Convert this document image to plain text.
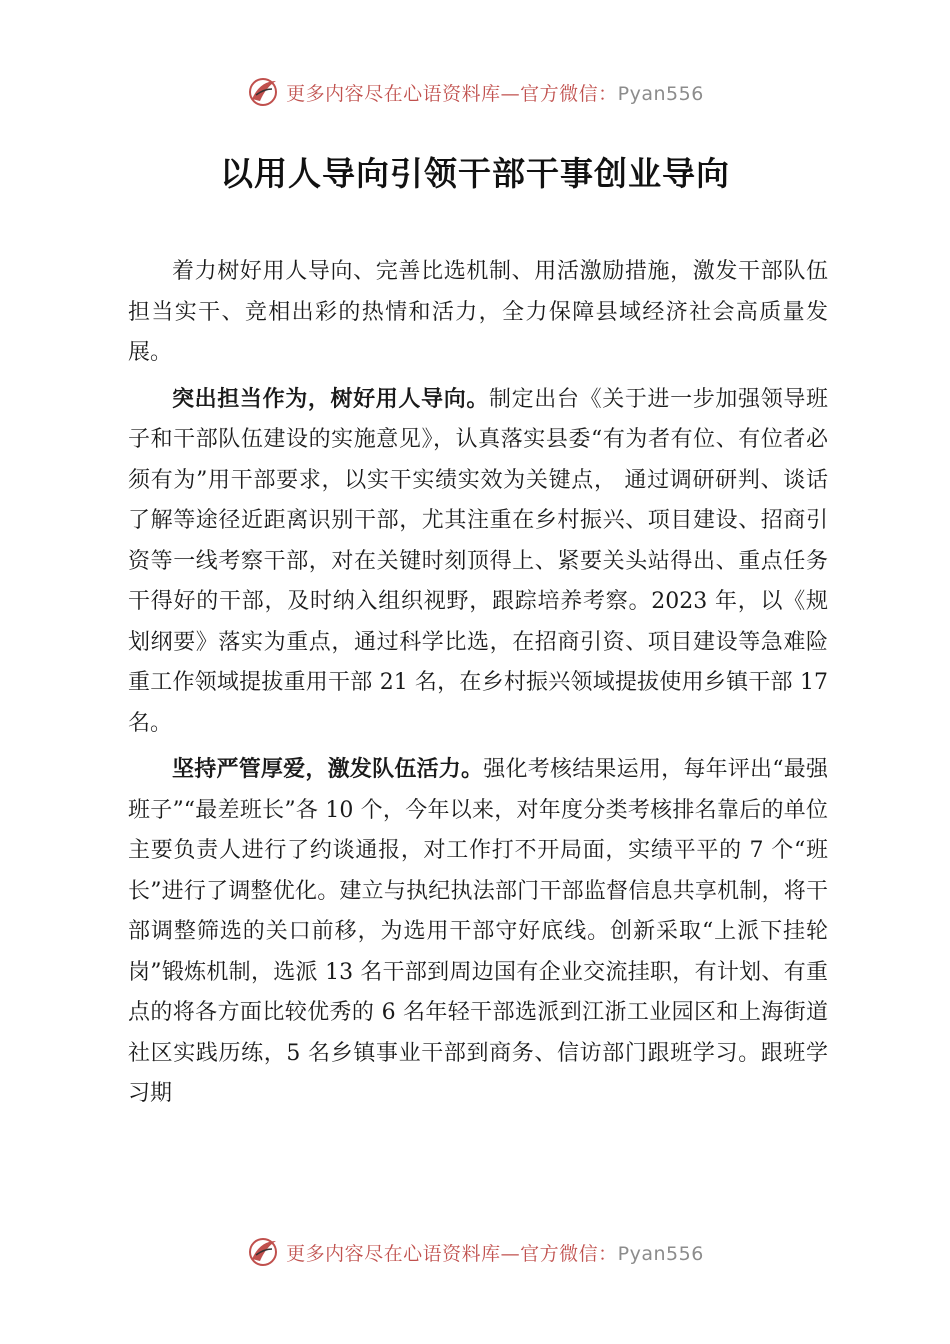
更多内容尽在心语资料库—官方微信：Pyan556
以用人导向引领干部干事创业导向

着力树好用人导向、完善比选机制、用活激励措施，激发干部队伍担当实干、竞相出彩的热情和活力，全力保障县域经济社会高质量发展。

突出担当作为，树好用人导向。制定出台《关于进一步加强领导班子和干部队伍建设的实施意见》，认真落实县委“有为者有位、有位者必须有为”用干部要求，以实干实绩实效为关键点， 通过调研研判、谈话了解等途径近距离识别干部，尤其注重在乡村振兴、项目建设、招商引资等一线考察干部，对在关键时刻顶得上、紧要关头站得出、重点任务干得好的干部，及时纳入组织视野，跟踪培养考察。2023 年，以《规划纲要》落实为重点，通过科学比选，在招商引资、项目建设等急难险重工作领域提拔重用干部 21 名，在乡村振兴领域提拔使用乡镇干部 17 名。

坚持严管厚爱，激发队伍活力。强化考核结果运用，每年评出“最强班子”“最差班长”各 10 个，今年以来，对年度分类考核排名靠后的单位主要负责人进行了约谈通报，对工作打不开局面，实绩平平的 7 个“班长”进行了调整优化。建立与执纪执法部门干部监督信息共享机制，将干部调整筛选的关口前移，为选用干部守好底线。创新采取“上派下挂轮岗”锻炼机制，选派 13 名干部到周边国有企业交流挂职，有计划、有重点的将各方面比较优秀的 6 名年轻干部选派到江浙工业园区和上海街道社区实践历练，5 名乡镇事业干部到商务、信访部门跟班学习。跟班学习期

更多内容尽在心语资料库—官方微信：Pyan556
